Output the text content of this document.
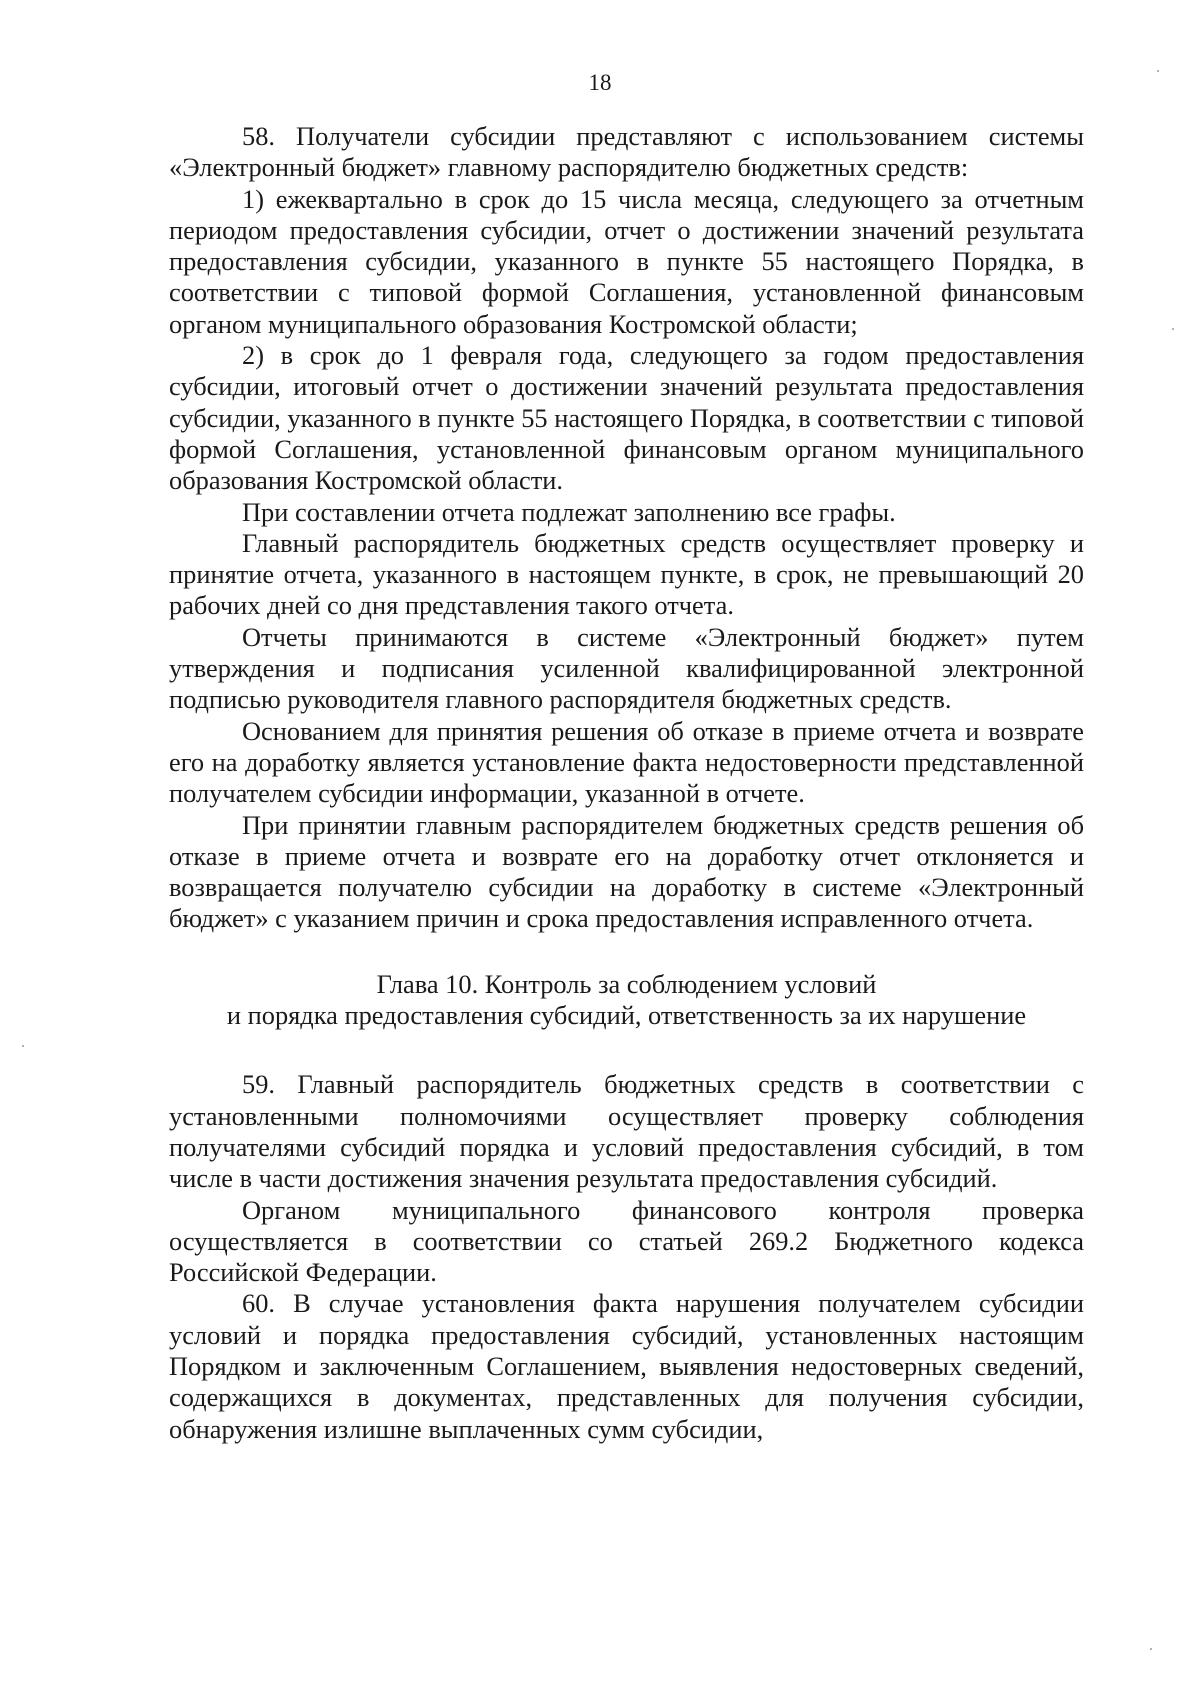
18

58. Получатели субсидии представляют с использованием системы «Электронный бюджет» главному распорядителю бюджетных средств:

1) ежеквартально в срок до 15 числа месяца, следующего за отчетным периодом предоставления субсидии, отчет о достижении значений результата предоставления субсидии, указанного в пункте 55 настоящего Порядка, в соответствии с типовой формой Соглашения, установленной финансовым органом муниципального образования Костромской области;

2) в срок до 1 февраля года, следующего за годом предоставления субсидии, итоговый отчет о достижении значений результата предоставления субсидии, указанного в пункте 55 настоящего Порядка, в соответствии с типовой формой Соглашения, установленной финансовым органом муниципального образования Костромской области.

При составлении отчета подлежат заполнению все графы.

Главный распорядитель бюджетных средств осуществляет проверку и принятие отчета, указанного в настоящем пункте, в срок, не превышающий 20 рабочих дней со дня представления такого отчета.

Отчеты принимаются в системе «Электронный бюджет» путем утверждения и подписания усиленной квалифицированной электронной подписью руководителя главного распорядителя бюджетных средств.

Основанием для принятия решения об отказе в приеме отчета и возврате его на доработку является установление факта недостоверности представленной получателем субсидии информации, указанной в отчете.

При принятии главным распорядителем бюджетных средств решения об отказе в приеме отчета и возврате его на доработку отчет отклоняется и возвращается получателю субсидии на доработку в системе «Электронный бюджет» с указанием причин и срока предоставления исправленного отчета.

Глава 10. Контроль за соблюдением условий
и порядка предоставления субсидий, ответственность за их нарушение

59. Главный распорядитель бюджетных средств в соответствии с установленными полномочиями осуществляет проверку соблюдения получателями субсидий порядка и условий предоставления субсидий, в том числе в части достижения значения результата предоставления субсидий.

Органом муниципального финансового контроля проверка осуществляется в соответствии со статьей 269.2 Бюджетного кодекса Российской Федерации.

60. В случае установления факта нарушения получателем субсидии условий и порядка предоставления субсидий, установленных настоящим Порядком и заключенным Соглашением, выявления недостоверных сведений, содержащихся в документах, представленных для получения субсидии, обнаружения излишне выплаченных сумм субсидии,
